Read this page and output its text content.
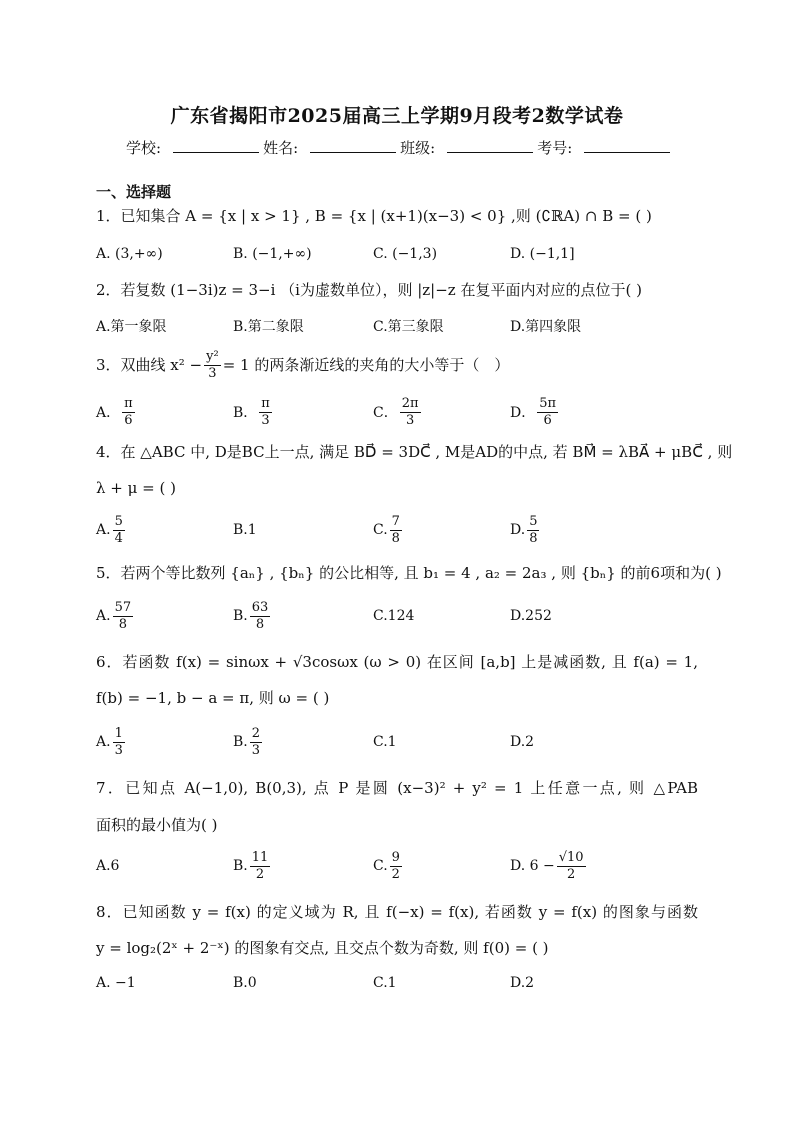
广东省揭阳市2025届高三上学期9月段考2数学试卷
学校:	姓名:	班级:	考号:
一、选择题
1．已知集合 A = {x | x > 1} , B = {x | (x+1)(x−3) < 0} ,则 (∁ℝA) ∩ B = ( )
A. (3,+∞)	B. (−1,+∞)	C. (−1,3)	D. (−1,1]
2．若复数 (1−3i)z = 3−i （i为虚数单位），则 |z|−z 在复平面内对应的点位于( )
A.第一象限	B.第二象限	C.第三象限	D.第四象限
3．双曲线 $x^2 - \frac{\text{y²}}{3} = 1$ 的两条渐近线的夹角的大小等于（　）
A． $\frac{\pi}{6}$	B． $\frac{\pi}{3}$	C． $\frac{2\pi}{3}$	D． $\frac{5\pi}{6}$
4．在 △ABC 中, D是BC上一点, 满足 BD⃗ = 3DC⃗ , M是AD的中点, 若 BM⃗ = λBA⃗ + μBC⃗ , 则
λ + μ = ( )
A. $\frac{5}{4}$	B.1	C. $\frac{7}{8}$	D. $\frac{5}{8}$
5．若两个等比数列 {aₙ} , {bₙ} 的公比相等, 且 b₁ = 4 , a₂ = 2a₃ , 则 {bₙ} 的前6项和为( )
A. $\frac{57}{8}$	B. $\frac{63}{8}$	C.124	D.252
6．若函数 f(x) = sinωx + √3cosωx (ω > 0) 在区间 [a,b] 上是减函数, 且 f(a) = 1,
f(b) = −1, b − a = π, 则 ω = ( )
A. $\frac{1}{3}$	B. $\frac{2}{3}$	C.1	D.2
7．已知点 A(−1,0), B(0,3), 点 P 是圆 (x−3)² + y² = 1 上任意一点, 则 △PAB
面积的最小值为( )
A.6	B. $\frac{11}{2}$	C. $\frac{9}{2}$	D. $6 - \frac{√10}{2}$
8．已知函数 y = f(x) 的定义域为 R, 且 f(−x) = f(x), 若函数 y = f(x) 的图象与函数
y = log₂(2ˣ + 2⁻ˣ) 的图象有交点, 且交点个数为奇数, 则 f(0) = ( )
A. −1	B.0	C.1	D.2
